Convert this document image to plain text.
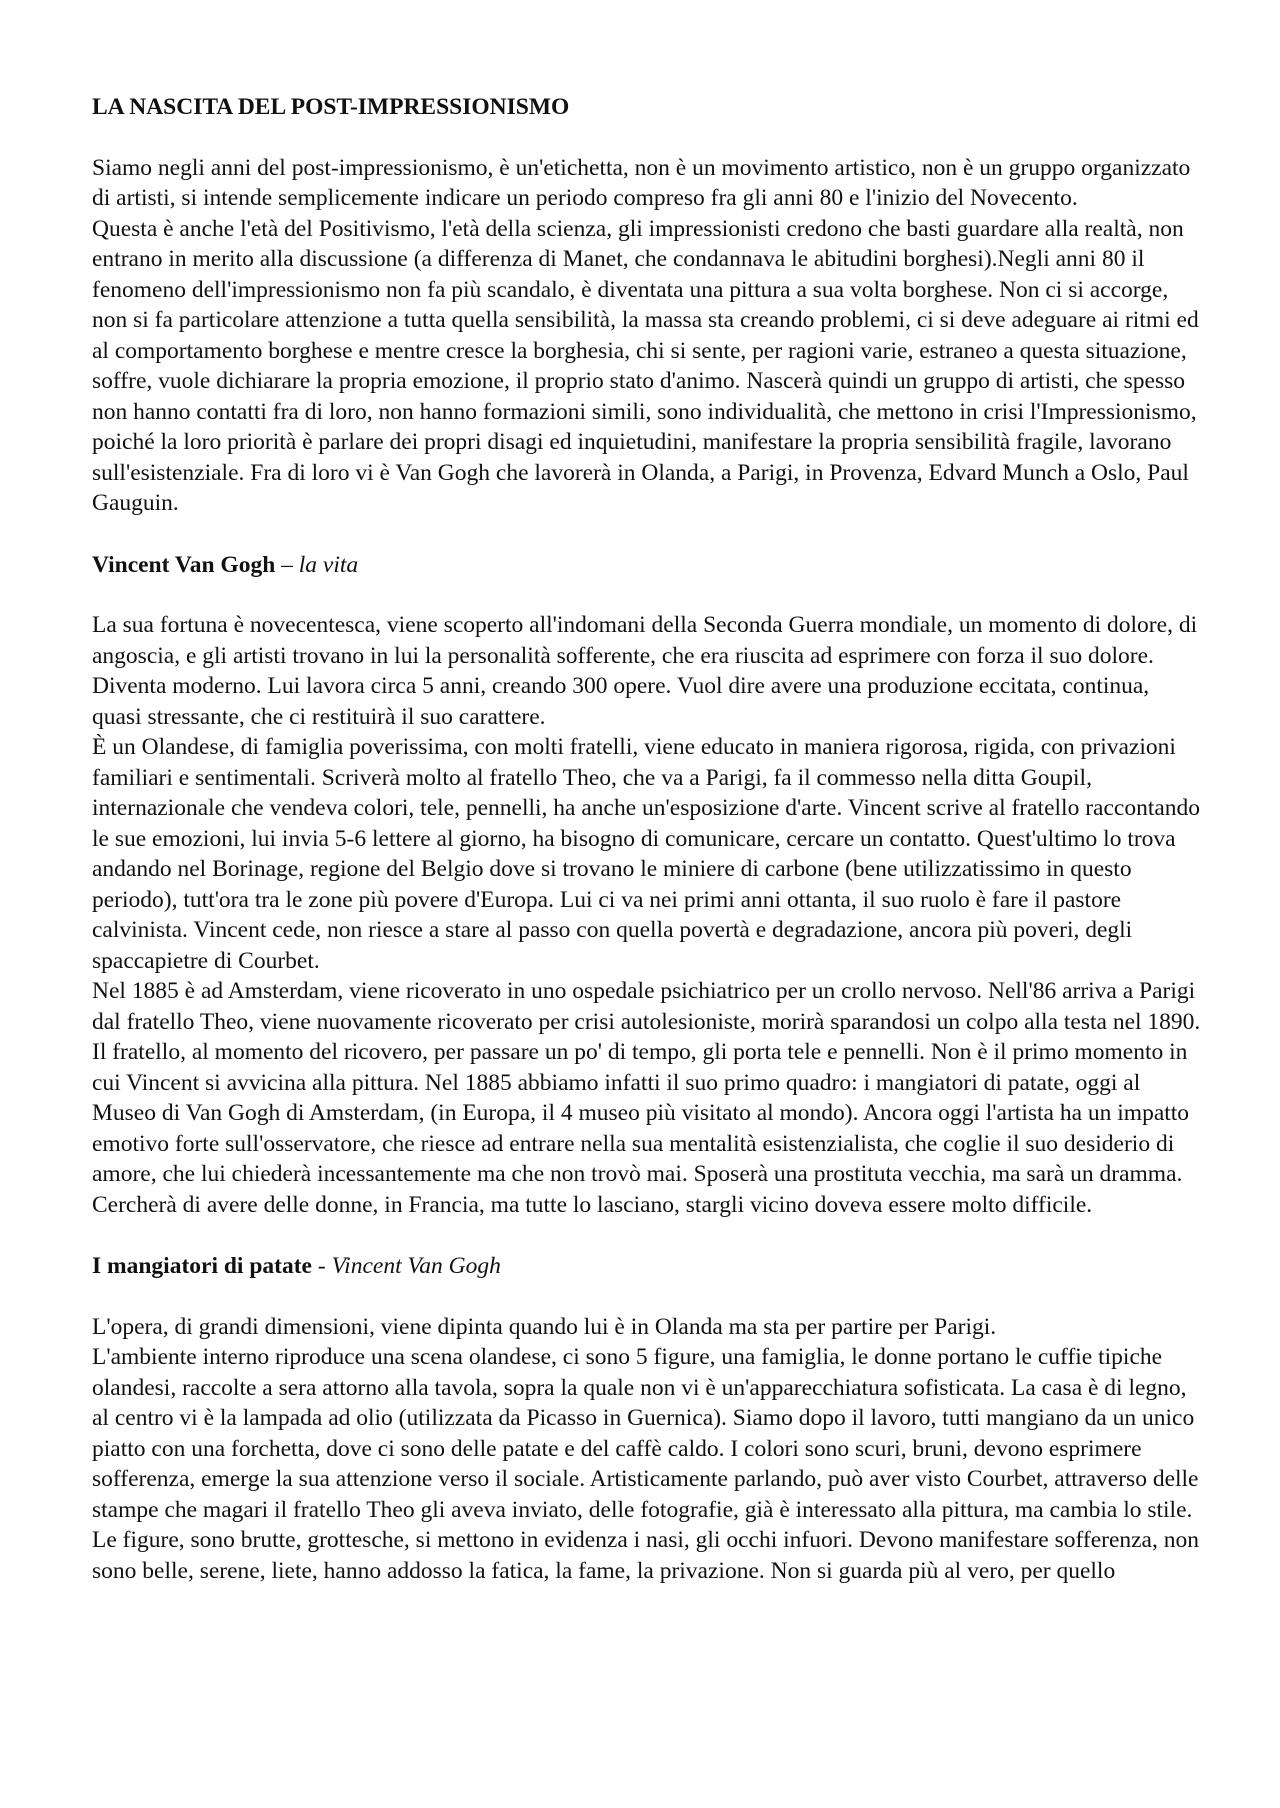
LA NASCITA DEL POST-IMPRESSIONISMO

Siamo negli anni del post-impressionismo, è un'etichetta, non è un movimento artistico, non è un gruppo organizzato di artisti, si intende semplicemente indicare un periodo compreso fra gli anni 80 e l'inizio del Novecento.

Questa è anche l'età del Positivismo, l'età della scienza, gli impressionisti credono che basti guardare alla realtà, non entrano in merito alla discussione (a differenza di Manet, che condannava le abitudini borghesi).Negli anni 80 il fenomeno dell'impressionismo non fa più scandalo, è diventata una pittura a sua volta borghese. Non ci si accorge, non si fa particolare attenzione a tutta quella sensibilità, la massa sta creando problemi, ci si deve adeguare ai ritmi ed al comportamento borghese e mentre cresce la borghesia, chi si sente, per ragioni varie, estraneo a questa situazione, soffre, vuole dichiarare la propria emozione, il proprio stato d'animo. Nascerà quindi un gruppo di artisti, che spesso non hanno contatti fra di loro, non hanno formazioni simili, sono individualità, che mettono in crisi l'Impressionismo, poiché la loro priorità è parlare dei propri disagi ed inquietudini, manifestare la propria sensibilità fragile, lavorano sull'esistenziale. Fra di loro vi è Van Gogh che lavorerà in Olanda, a Parigi, in Provenza, Edvard Munch a Oslo, Paul Gauguin.

Vincent Van Gogh – la vita

La sua fortuna è novecentesca, viene scoperto all'indomani della Seconda Guerra mondiale, un momento di dolore, di angoscia, e gli artisti trovano in lui la personalità sofferente, che era riuscita ad esprimere con forza il suo dolore. Diventa moderno. Lui lavora circa 5 anni, creando 300 opere. Vuol dire avere una produzione eccitata, continua, quasi stressante, che ci restituirà il suo carattere.

È un Olandese, di famiglia poverissima, con molti fratelli, viene educato in maniera rigorosa, rigida, con privazioni familiari e sentimentali. Scriverà molto al fratello Theo, che va a Parigi, fa il commesso nella ditta Goupil, internazionale che vendeva colori, tele, pennelli, ha anche un'esposizione d'arte. Vincent scrive al fratello raccontando le sue emozioni, lui invia 5-6 lettere al giorno, ha bisogno di comunicare, cercare un contatto. Quest'ultimo lo trova andando nel Borinage, regione del Belgio dove si trovano le miniere di carbone (bene utilizzatissimo in questo periodo), tutt'ora tra le zone più povere d'Europa. Lui ci va nei primi anni ottanta, il suo ruolo è fare il pastore calvinista. Vincent cede, non riesce a stare al passo con quella povertà e degradazione, ancora più poveri, degli spaccapietre di Courbet.

Nel 1885 è ad Amsterdam, viene ricoverato in uno ospedale psichiatrico per un crollo nervoso. Nell'86 arriva a Parigi dal fratello Theo, viene nuovamente ricoverato per crisi autolesioniste, morirà sparandosi un colpo alla testa nel 1890. Il fratello, al momento del ricovero, per passare un po' di tempo, gli porta tele e pennelli. Non è il primo momento in cui Vincent si avvicina alla pittura. Nel 1885 abbiamo infatti il suo primo quadro: i mangiatori di patate, oggi al Museo di Van Gogh di Amsterdam, (in Europa, il 4 museo più visitato al mondo). Ancora oggi l'artista ha un impatto emotivo forte sull'osservatore, che riesce ad entrare nella sua mentalità esistenzialista, che coglie il suo desiderio di amore, che lui chiederà incessantemente ma che non trovò mai. Sposerà una prostituta vecchia, ma sarà un dramma. Cercherà di avere delle donne, in Francia, ma tutte lo lasciano, stargli vicino doveva essere molto difficile.

I mangiatori di patate - Vincent Van Gogh

L'opera, di grandi dimensioni, viene dipinta quando lui è in Olanda ma sta per partire per Parigi.

L'ambiente interno riproduce una scena olandese, ci sono 5 figure, una famiglia, le donne portano le cuffie tipiche olandesi, raccolte a sera attorno alla tavola, sopra la quale non vi è un'apparecchiatura sofisticata. La casa è di legno, al centro vi è la lampada ad olio (utilizzata da Picasso in Guernica). Siamo dopo il lavoro, tutti mangiano da un unico piatto con una forchetta, dove ci sono delle patate e del caffè caldo. I colori sono scuri, bruni, devono esprimere sofferenza, emerge la sua attenzione verso il sociale. Artisticamente parlando, può aver visto Courbet, attraverso delle stampe che magari il fratello Theo gli aveva inviato, delle fotografie, già è interessato alla pittura, ma cambia lo stile. Le figure, sono brutte, grottesche, si mettono in evidenza i nasi, gli occhi infuori. Devono manifestare sofferenza, non sono belle, serene, liete, hanno addosso la fatica, la fame, la privazione. Non si guarda più al vero, per quello
